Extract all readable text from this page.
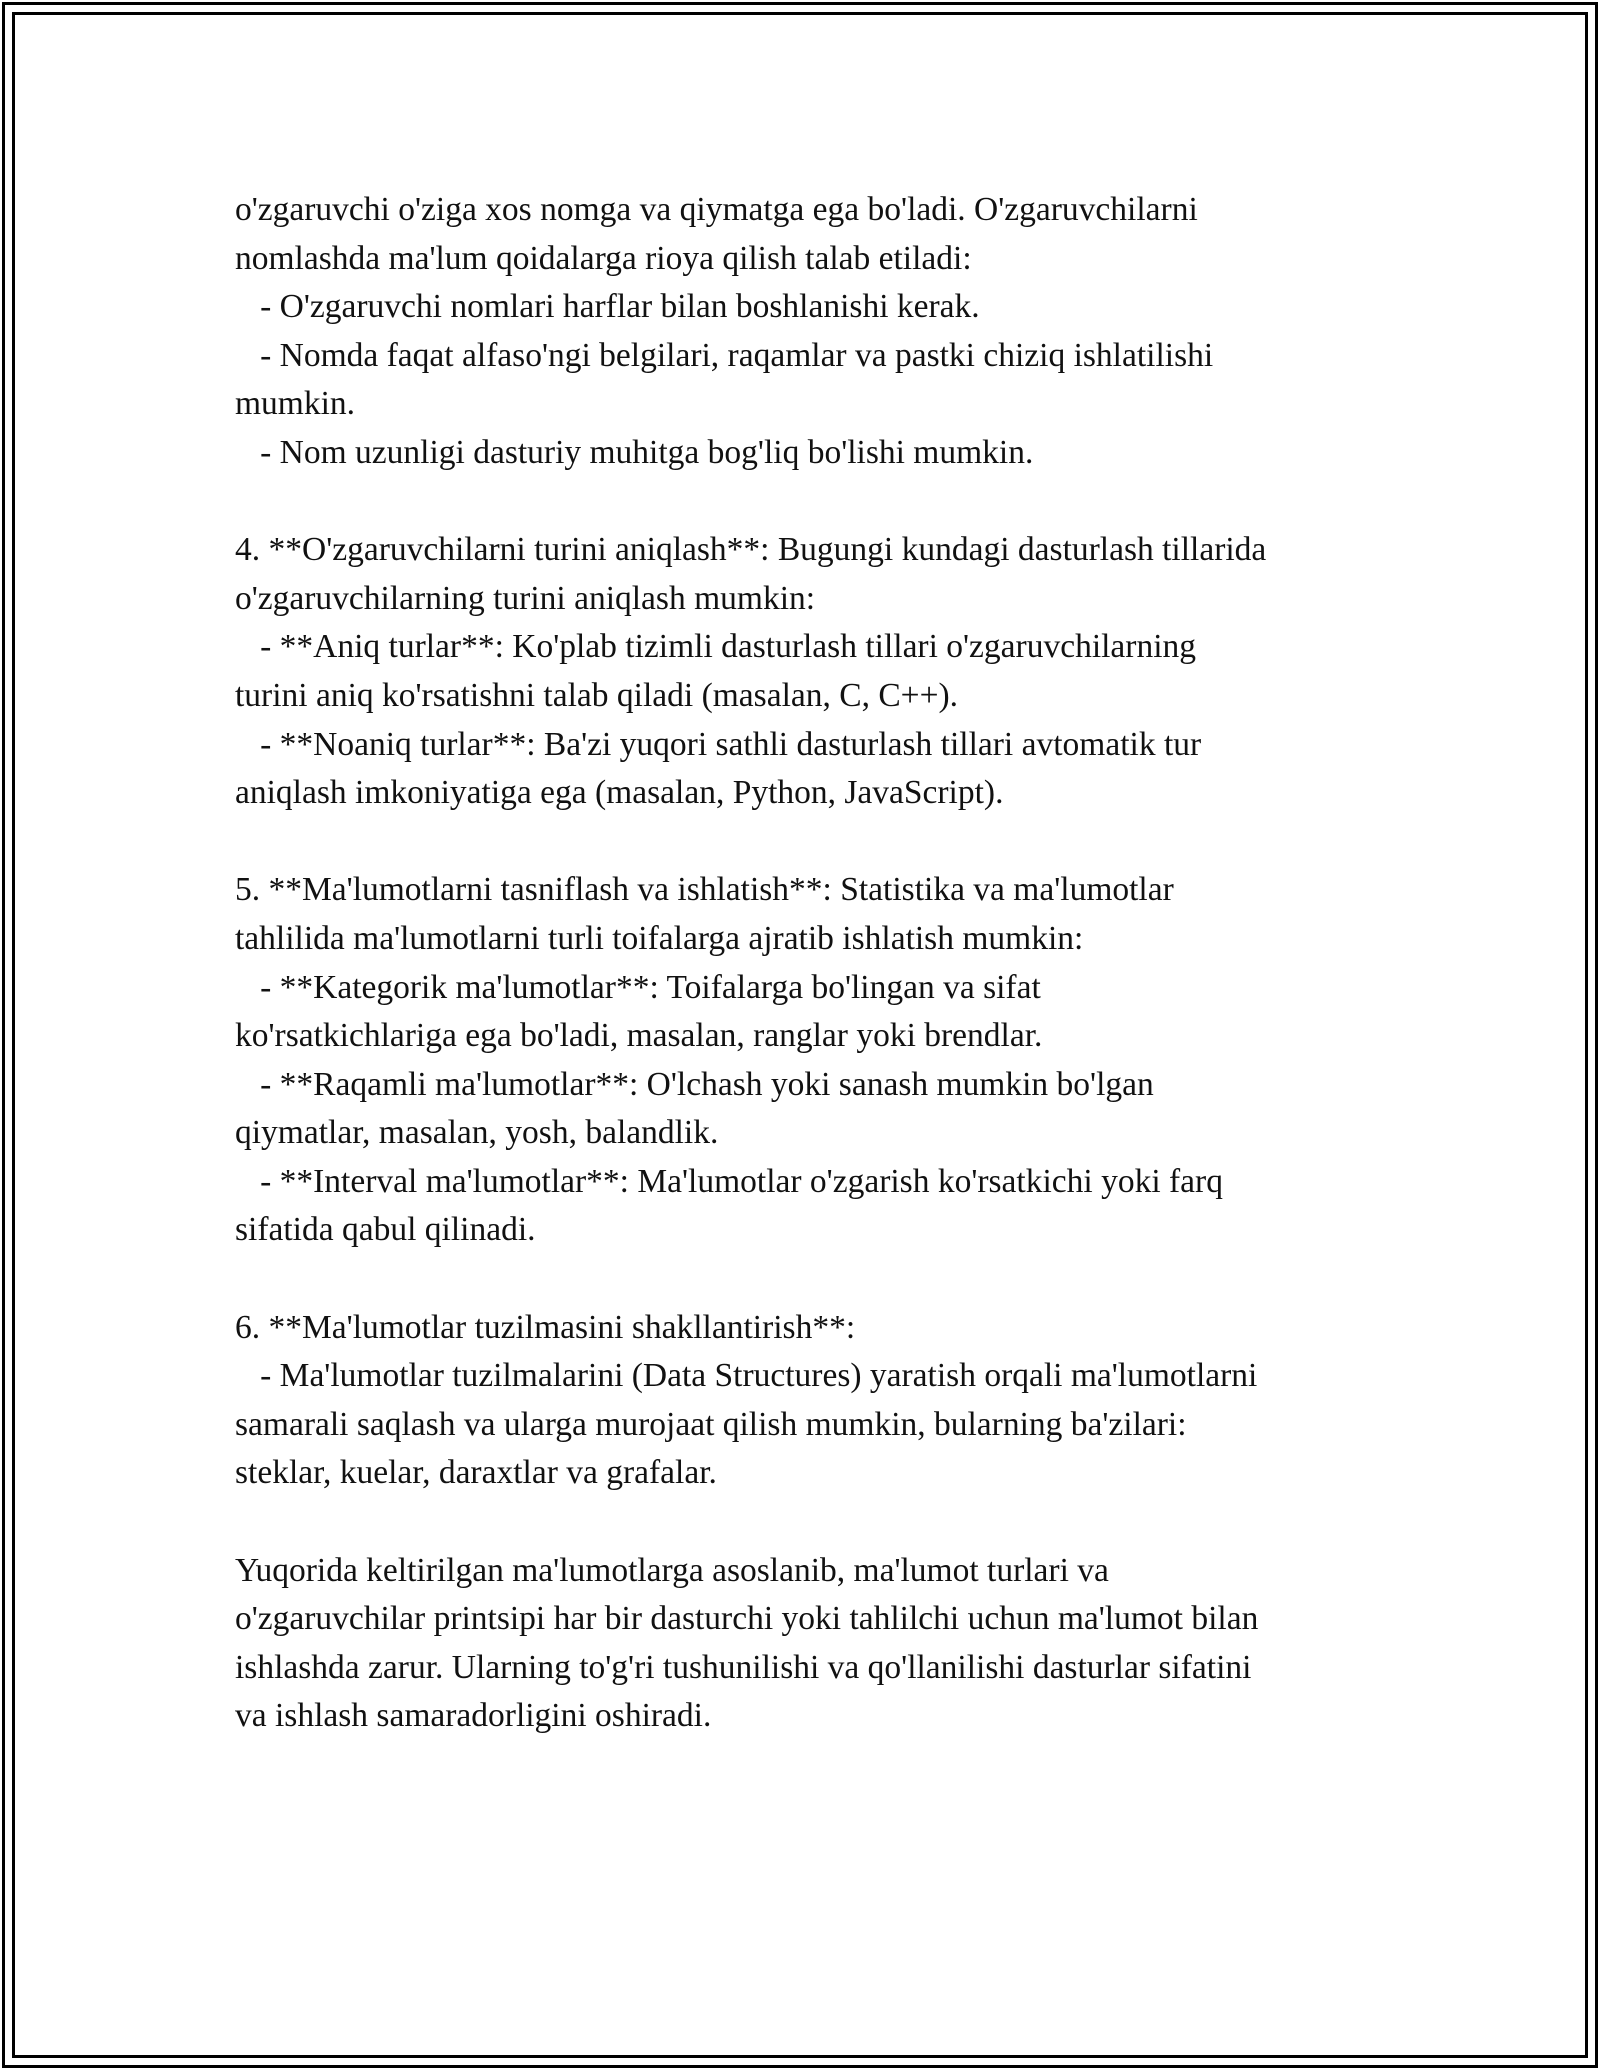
o'zgaruvchi o'ziga xos nomga va qiymatga ega bo'ladi. O'zgaruvchilarni
nomlashda ma'lum qoidalarga rioya qilish talab etiladi:
- O'zgaruvchi nomlari harflar bilan boshlanishi kerak.
- Nomda faqat alfaso'ngi belgilari, raqamlar va pastki chiziq ishlatilishi
mumkin.
- Nom uzunligi dasturiy muhitga bog'liq bo'lishi mumkin.
4. **O'zgaruvchilarni turini aniqlash**: Bugungi kundagi dasturlash tillarida
o'zgaruvchilarning turini aniqlash mumkin:
- **Aniq turlar**: Ko'plab tizimli dasturlash tillari o'zgaruvchilarning
turini aniq ko'rsatishni talab qiladi (masalan, C, C++).
- **Noaniq turlar**: Ba'zi yuqori sathli dasturlash tillari avtomatik tur
aniqlash imkoniyatiga ega (masalan, Python, JavaScript).
5. **Ma'lumotlarni tasniflash va ishlatish**: Statistika va ma'lumotlar
tahlilida ma'lumotlarni turli toifalarga ajratib ishlatish mumkin:
- **Kategorik ma'lumotlar**: Toifalarga bo'lingan va sifat
ko'rsatkichlariga ega bo'ladi, masalan, ranglar yoki brendlar.
- **Raqamli ma'lumotlar**: O'lchash yoki sanash mumkin bo'lgan
qiymatlar, masalan, yosh, balandlik.
- **Interval ma'lumotlar**: Ma'lumotlar o'zgarish ko'rsatkichi yoki farq
sifatida qabul qilinadi.
6. **Ma'lumotlar tuzilmasini shakllantirish**:
- Ma'lumotlar tuzilmalarini (Data Structures) yaratish orqali ma'lumotlarni
samarali saqlash va ularga murojaat qilish mumkin, bularning ba'zilari:
steklar, kuelar, daraxtlar va grafalar.
Yuqorida keltirilgan ma'lumotlarga asoslanib, ma'lumot turlari va
o'zgaruvchilar printsipi har bir dasturchi yoki tahlilchi uchun ma'lumot bilan
ishlashda zarur. Ularning to'g'ri tushunilishi va qo'llanilishi dasturlar sifatini
va ishlash samaradorligini oshiradi.
